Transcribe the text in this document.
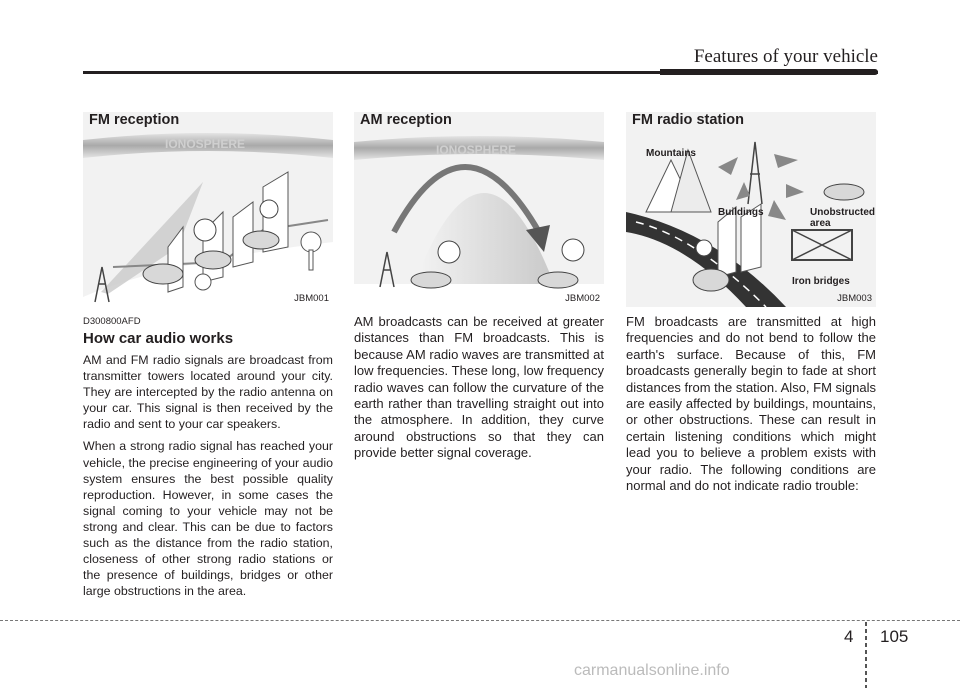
Features of your vehicle
IONOSPHERE
FM reception
JBM001
IONOSPHERE
AM reception
JBM002
Mountains
Buildings	Unobstructed
area
Iron bridges
FM radio station
JBM003
D300800AFD
How car audio works

AM and FM radio signals are broadcast from transmitter towers located around your city. They are intercepted by the radio antenna on your car. This signal is then received by the radio and sent to your car speakers.

When a strong radio signal has reached your vehicle, the precise engineering of your audio system ensures the best possible quality reproduction. However, in some cases the signal coming to your vehicle may not be strong and clear. This can be due to factors such as the distance from the radio station, closeness of other strong radio stations or the presence of buildings, bridges or other large obstructions in the area.

AM broadcasts can be received at greater distances than FM broadcasts. This is because AM radio waves are transmitted at low frequencies. These long, low frequency radio waves can follow the curvature of the earth rather than travelling straight out into the atmosphere. In addition, they curve around obstructions so that they can provide better signal coverage.

FM broadcasts are transmitted at high frequencies and do not bend to follow the earth's surface. Because of this, FM broadcasts generally begin to fade at short distances from the station. Also, FM signals are easily affected by buildings, mountains, or other obstructions. These can result in certain listening conditions which might lead you to believe a problem exists with your radio. The following conditions are normal and do not indicate radio trouble:

4 105
carmanualsonline.info
